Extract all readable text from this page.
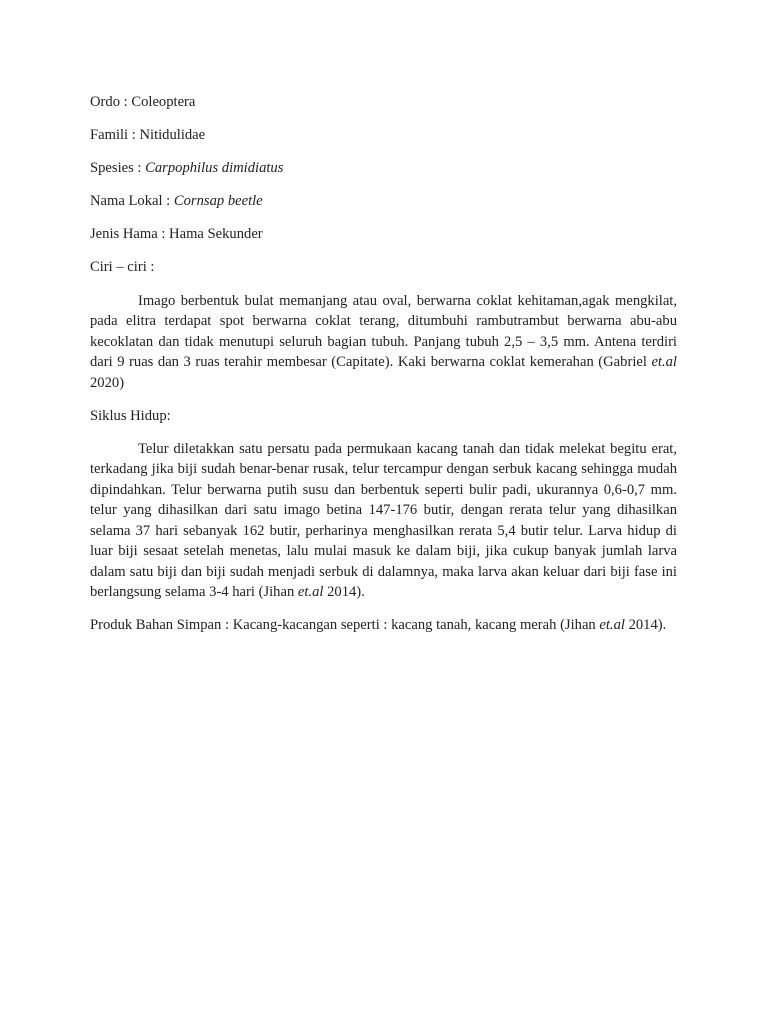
Ordo : Coleoptera

Famili : Nitidulidae

Spesies : Carpophilus dimidiatus

Nama Lokal : Cornsap beetle

Jenis Hama : Hama Sekunder

Ciri – ciri :

Imago berbentuk bulat memanjang atau oval, berwarna coklat kehitaman,agak mengkilat, pada elitra terdapat spot berwarna coklat terang, ditumbuhi rambutrambut berwarna abu-abu kecoklatan dan tidak menutupi seluruh bagian tubuh. Panjang tubuh 2,5 – 3,5 mm. Antena terdiri dari 9 ruas dan 3 ruas terahir membesar (Capitate). Kaki berwarna coklat kemerahan (Gabriel et.al 2020)

Siklus Hidup:

Telur diletakkan satu persatu pada permukaan kacang tanah dan tidak melekat begitu erat, terkadang jika biji sudah benar-benar rusak, telur tercampur dengan serbuk kacang sehingga mudah dipindahkan. Telur berwarna putih susu dan berbentuk seperti bulir padi, ukurannya 0,6-0,7 mm. telur yang dihasilkan dari satu imago betina 147-176 butir, dengan rerata telur yang dihasilkan selama 37 hari sebanyak 162 butir, perharinya menghasilkan rerata 5,4 butir telur. Larva hidup di luar biji sesaat setelah menetas, lalu mulai masuk ke dalam biji, jika cukup banyak jumlah larva dalam satu biji dan biji sudah menjadi serbuk di dalamnya, maka larva akan keluar dari biji fase ini berlangsung selama 3-4 hari (Jihan et.al 2014).

Produk Bahan Simpan : Kacang-kacangan seperti : kacang tanah, kacang merah (Jihan et.al 2014).
